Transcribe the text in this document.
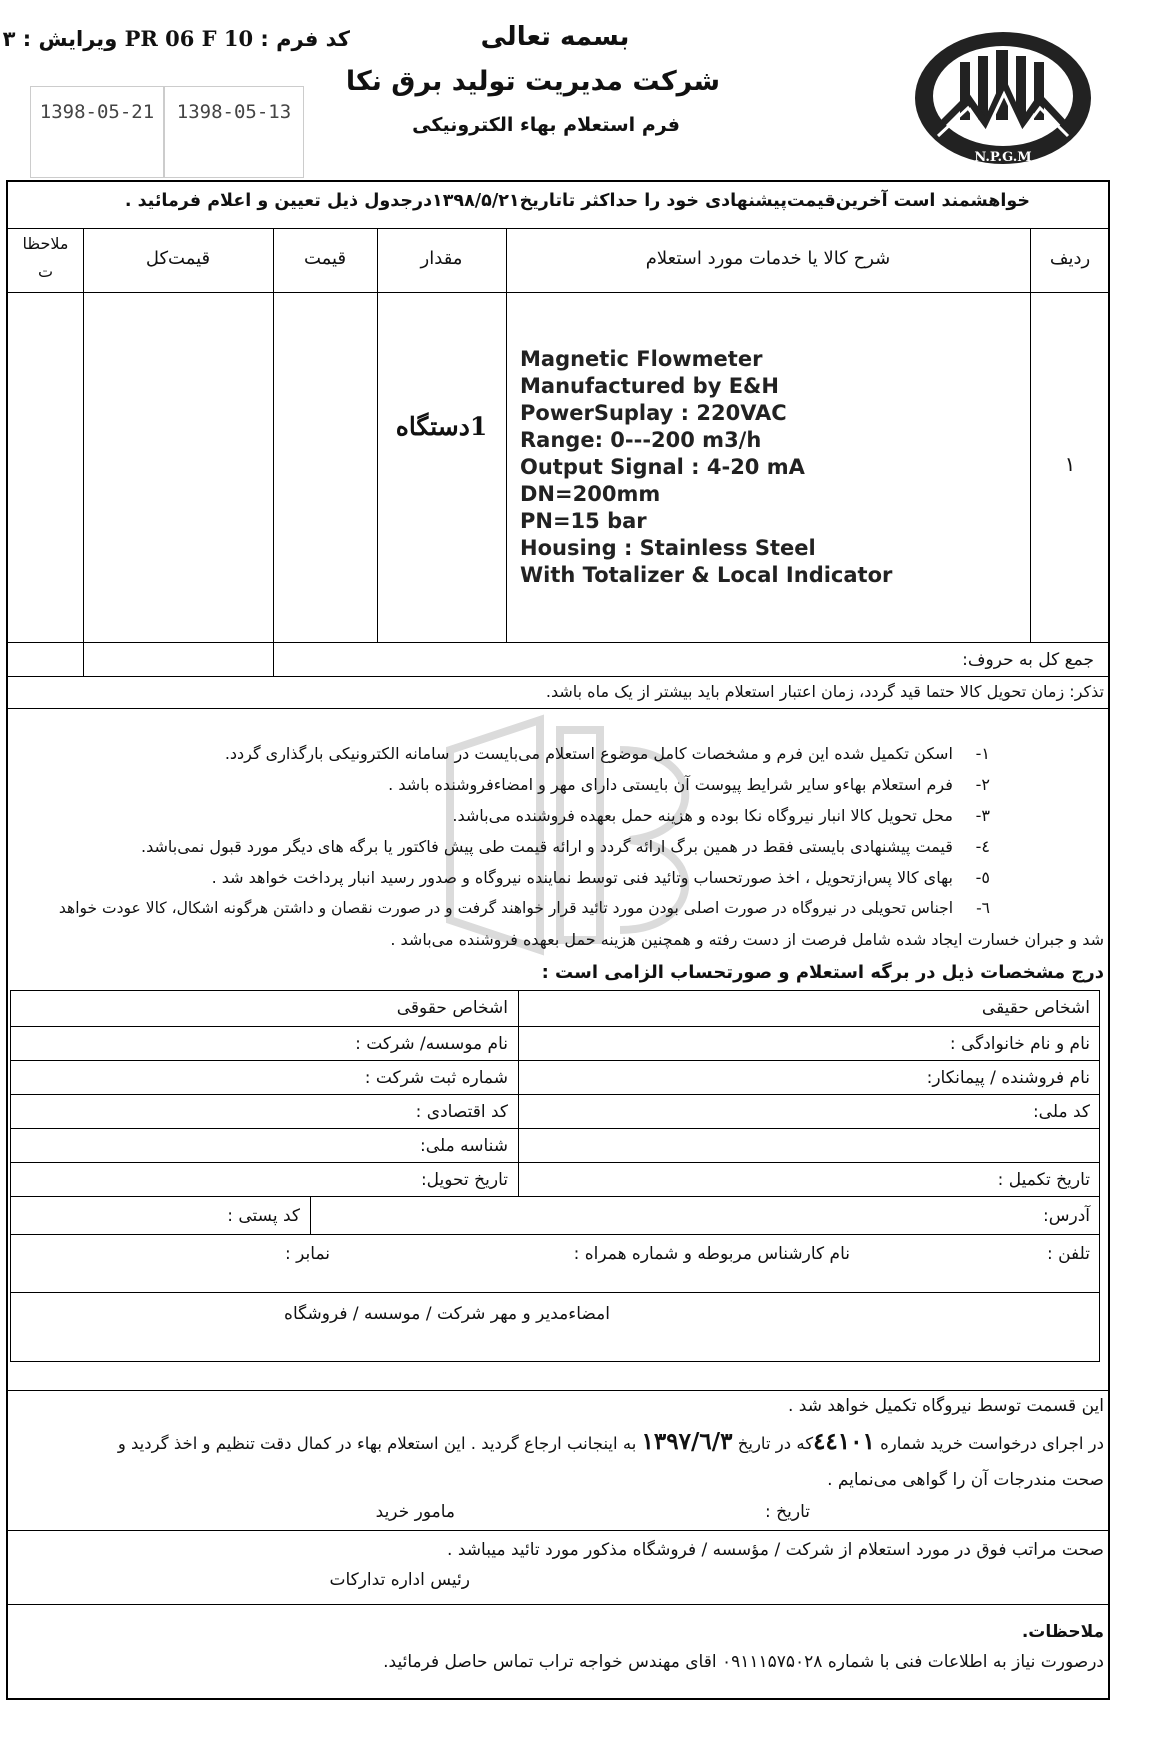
N.P.G.M
بسمه تعالی
شرکت مدیریت تولید برق نکا
فرم استعلام بهاء الکترونیکی
کد فرم : PR 06 F 10 ویرایش : ۳
1398-05-21	1398-05-13
خواهشمند است آخرین‌قیمت‌پیشنهادی خود را حداکثر تاتاریخ۱۳۹۸/۵/۲۱درجدول ذیل تعیین و اعلام فرمائید .
ردیف
شرح کالا یا خدمات مورد استعلام
مقدار
قیمت
قیمت‌کل
ملاحظا
ت
١
1دستگاه
Magnetic Flowmeter
Manufactured by E&H
PowerSuplay : 220VAC
Range: 0---200 m3/h
Output Signal : 4-20 mA
DN=200mm
PN=15 bar
Housing : Stainless Steel
With Totalizer & Local Indicator
جمع کل به حروف:
تذکر: زمان تحویل کالا حتما قید گردد، زمان اعتبار استعلام باید بیشتر از یک ماه باشد.
۱- اسکن تکمیل شده این فرم و مشخصات کامل موضوع استعلام می‌بایست در سامانه الکترونیکی بارگذاری گردد.
۲- فرم استعلام بهاءو سایر شرایط پیوست آن بایستی دارای مهر و امضاءفروشنده باشد .
۳- محل تحویل کالا انبار نیروگاه نکا بوده و هزینه حمل بعهده فروشنده می‌باشد.
٤- قیمت پیشنهادی بایستی فقط در همین برگ ارائه گردد و ارائه قیمت طی پیش فاکتور یا برگه های دیگر مورد قبول نمی‌باشد.
٥- بهای کالا پس‌ازتحویل ، اخذ صورتحساب وتائید فنی توسط نماینده نیروگاه و صدور رسید انبار پرداخت خواهد شد .
٦- اجناس تحویلی در نیروگاه در صورت اصلی بودن مورد تائید قرار خواهند گرفت و در صورت نقصان و داشتن هرگونه اشکال، کالا عودت خواهد
شد و جبران خسارت ایجاد شده شامل فرصت از دست رفته و همچنین هزینه حمل بعهده فروشنده می‌باشد .
درج مشخصات ذیل در برگه استعلام و صورتحساب الزامی است :
اشخاص حقیقی
اشخاص حقوقی
نام و نام خانوادگی :
نام موسسه/ شرکت :
نام فروشنده / پیمانکار:
شماره ثبت شرکت :
کد ملی:
کد اقتصادی :
شناسه ملی:
تاریخ تکمیل :
تاریخ تحویل:
آدرس:
کد پستی :
تلفن :
نام کارشناس مربوطه و شماره همراه :
نمابر :
امضاءمدیر و مهر شرکت / موسسه / فروشگاه
این قسمت توسط نیروگاه تکمیل خواهد شد .
در اجرای درخواست خرید شماره ٤٤١٠١که در تاریخ ۱۳۹۷/٦/۳ به اینجانب ارجاع گردید . این استعلام بهاء در کمال دقت تنظیم و اخذ گردید و
صحت مندرجات آن را گواهی می‌نمایم .
تاریخ :
مامور خرید
صحت مراتب فوق در مورد استعلام از شرکت / مؤسسه / فروشگاه مذکور مورد تائید میباشد .
رئیس اداره تدارکات
ملاحظات.
درصورت نیاز به اطلاعات فنی با شماره ۰۹۱۱۱۵۷۵۰۲۸ اقای مهندس خواجه تراب تماس حاصل فرمائید.
